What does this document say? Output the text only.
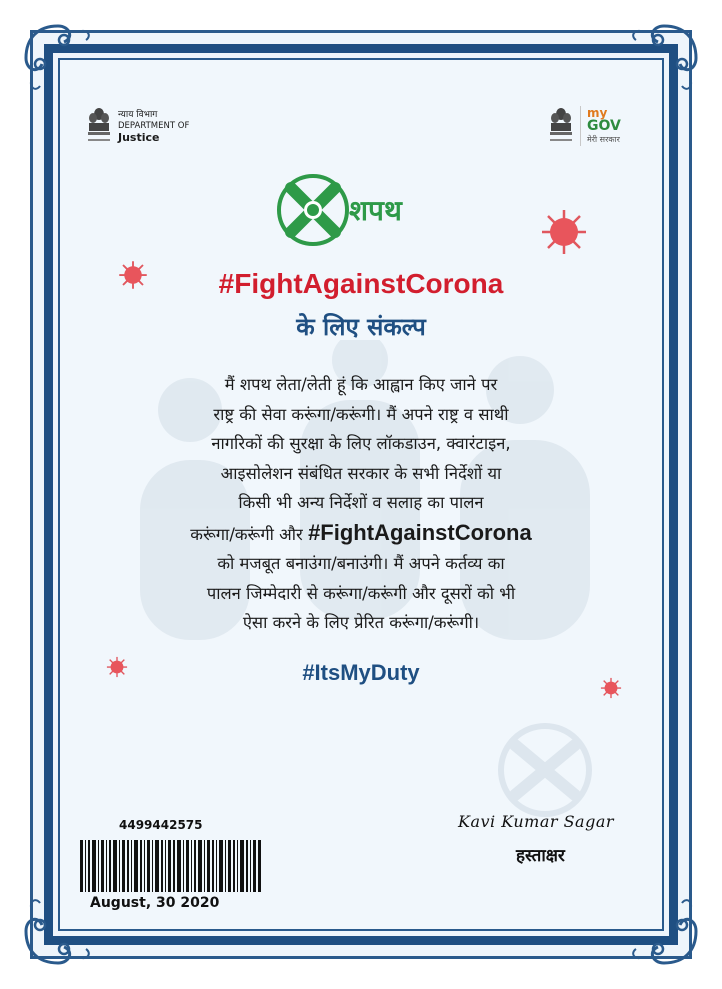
न्याय विभाग
DEPARTMENT OF
Justice
my
GOV
मेरी सरकार
शपथ
#FightAgainstCorona
के लिए संकल्प
मैं शपथ लेता/लेती हूं कि आह्वान किए जाने पर
राष्ट्र की सेवा करूंगा/करूंगी। मैं अपने राष्ट्र व साथी
नागरिकों की सुरक्षा के लिए लॉकडाउन, क्वारंटाइन,
आइसोलेशन संबंधित सरकार के सभी निर्देशों या
किसी भी अन्य निर्देशों व सलाह का पालन
करूंगा/करूंगी और #FightAgainstCorona
को मजबूत बनाउंगा/बनाउंगी। मैं अपने कर्तव्य का
पालन जिम्मेदारी से करूंगा/करूंगी और दूसरों को भी
ऐसा करने के लिए प्रेरित करूंगा/करूंगी।
#ItsMyDuty
4499442575
August, 30 2020
Kavi Kumar Sagar
हस्ताक्षर
